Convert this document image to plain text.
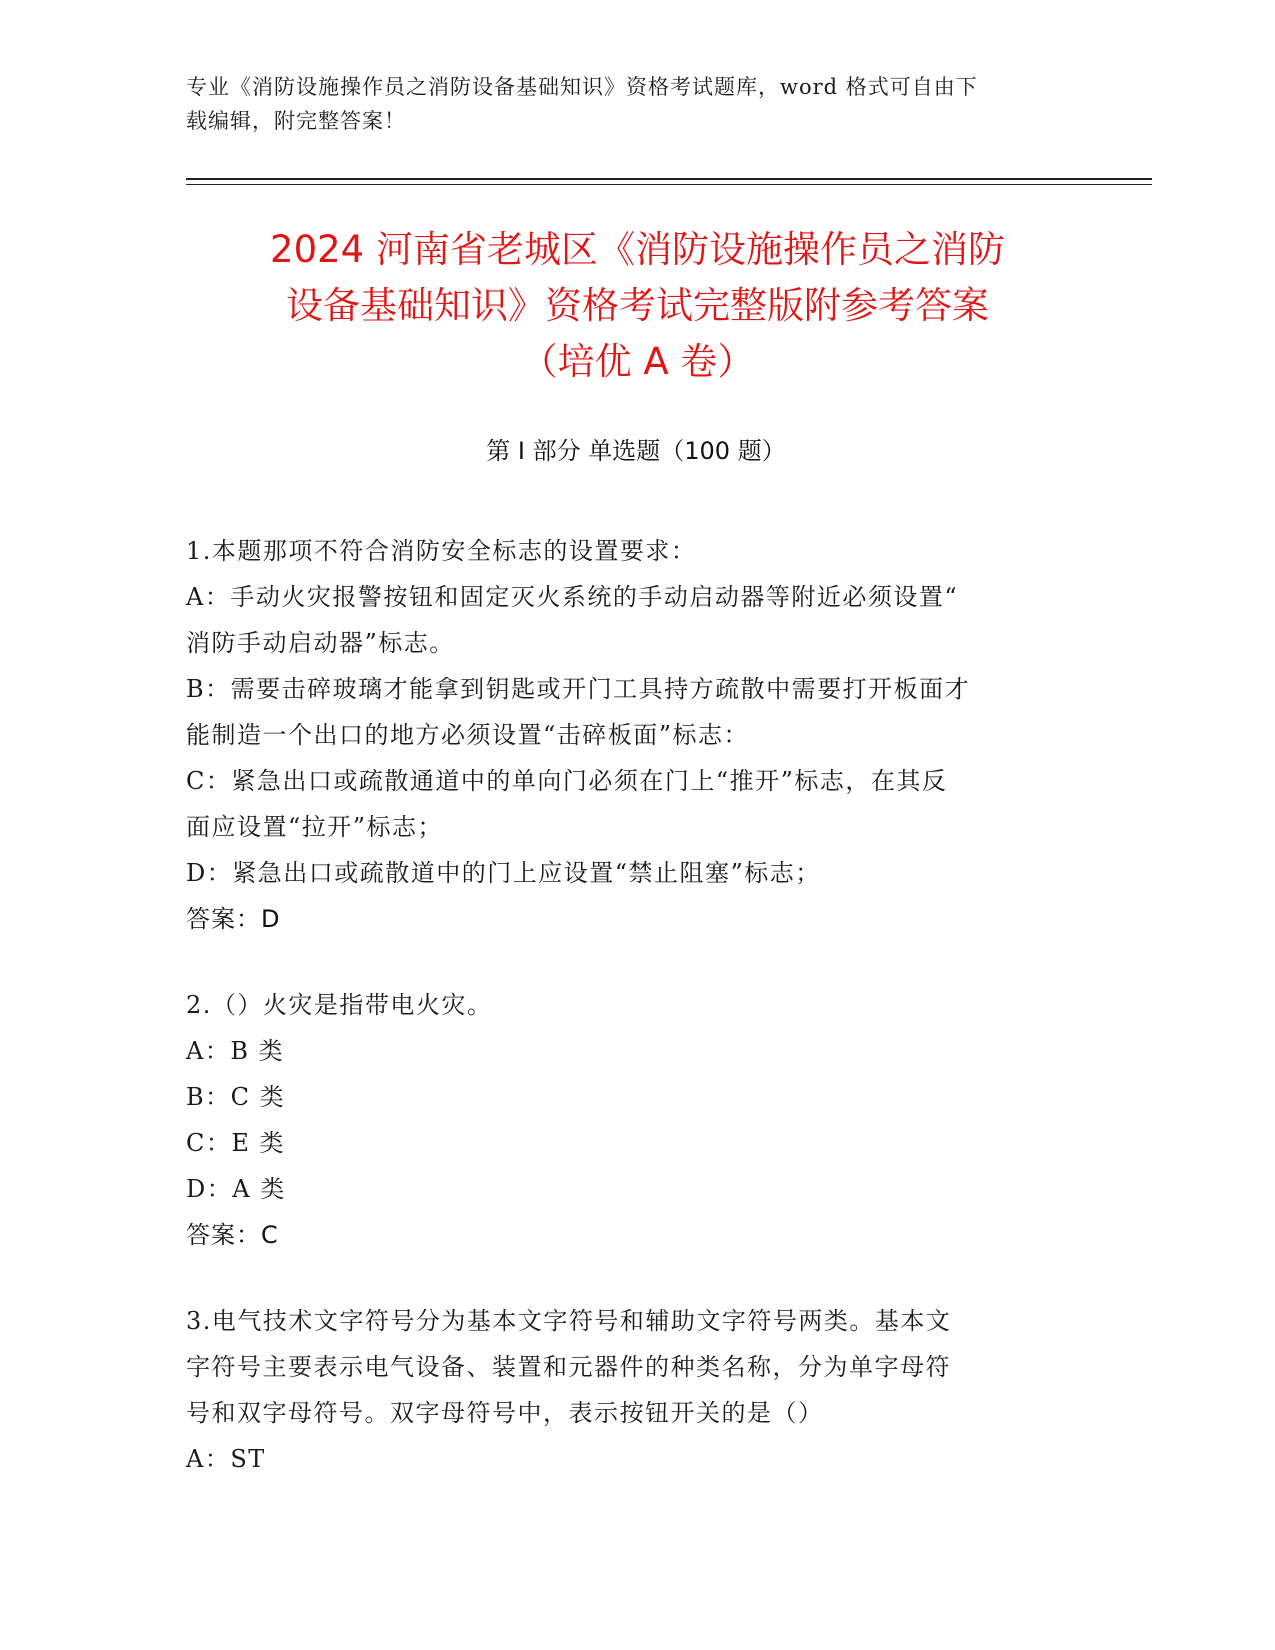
专业《消防设施操作员之消防设备基础知识》资格考试题库，word 格式可自由下
载编辑，附完整答案！
2024 河南省老城区《消防设施操作员之消防
设备基础知识》资格考试完整版附参考答案
（培优 A 卷）
第 I 部分 单选题（100 题）
1.本题那项不符合消防安全标志的设置要求：
A：手动火灾报警按钮和固定灭火系统的手动启动器等附近必须设置“
消防手动启动器”标志。
B：需要击碎玻璃才能拿到钥匙或开门工具持方疏散中需要打开板面才
能制造一个出口的地方必须设置“击碎板面”标志：
C：紧急出口或疏散通道中的单向门必须在门上“推开”标志，在其反
面应设置“拉开”标志；
D：紧急出口或疏散道中的门上应设置“禁止阻塞”标志；
答案：D
2.（）火灾是指带电火灾。
A：B 类
B：C 类
C：E 类
D：A 类
答案：C
3.电气技术文字符号分为基本文字符号和辅助文字符号两类。基本文
字符号主要表示电气设备、装置和元器件的种类名称，分为单字母符
号和双字母符号。双字母符号中，表示按钮开关的是（）
A：ST
